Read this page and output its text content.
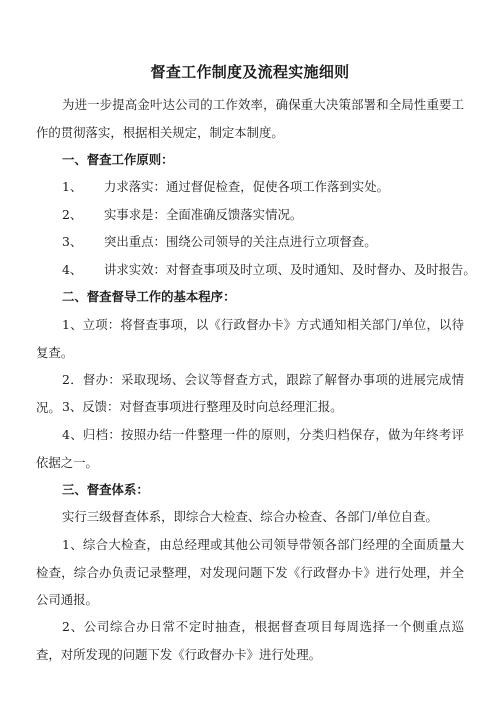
督查工作制度及流程实施细则

为进一步提高金叶达公司的工作效率，确保重大决策部署和全局性重要工作的贯彻落实，根据相关规定，制定本制度。

一、督查工作原则：

1、 力求落实：通过督促检查，促使各项工作落到实处。
2、 实事求是：全面准确反馈落实情况。
3、 突出重点：围绕公司领导的关注点进行立项督查。
4、 讲求实效：对督查事项及时立项、及时通知、及时督办、及时报告。

二、督查督导工作的基本程序：

1、立项：将督查事项，以《行政督办卡》方式通知相关部门/单位，以待复查。

2．督办：采取现场、会议等督查方式，跟踪了解督办事项的进展完成情况。 3、反馈：对督查事项进行整理及时向总经理汇报。

4、归档：按照办结一件整理一件的原则，分类归档保存，做为年终考评依据之一。

三、督查体系：

实行三级督查体系，即综合大检查、综合办检查、各部门/单位自查。

1、综合大检查，由总经理或其他公司领导带领各部门经理的全面质量大检查，综合办负责记录整理，对发现问题下发《行政督办卡》进行处理，并全公司通报。

2、公司综合办日常不定时抽查，根据督查项目每周选择一个侧重点巡查，对所发现的问题下发《行政督办卡》进行处理。
